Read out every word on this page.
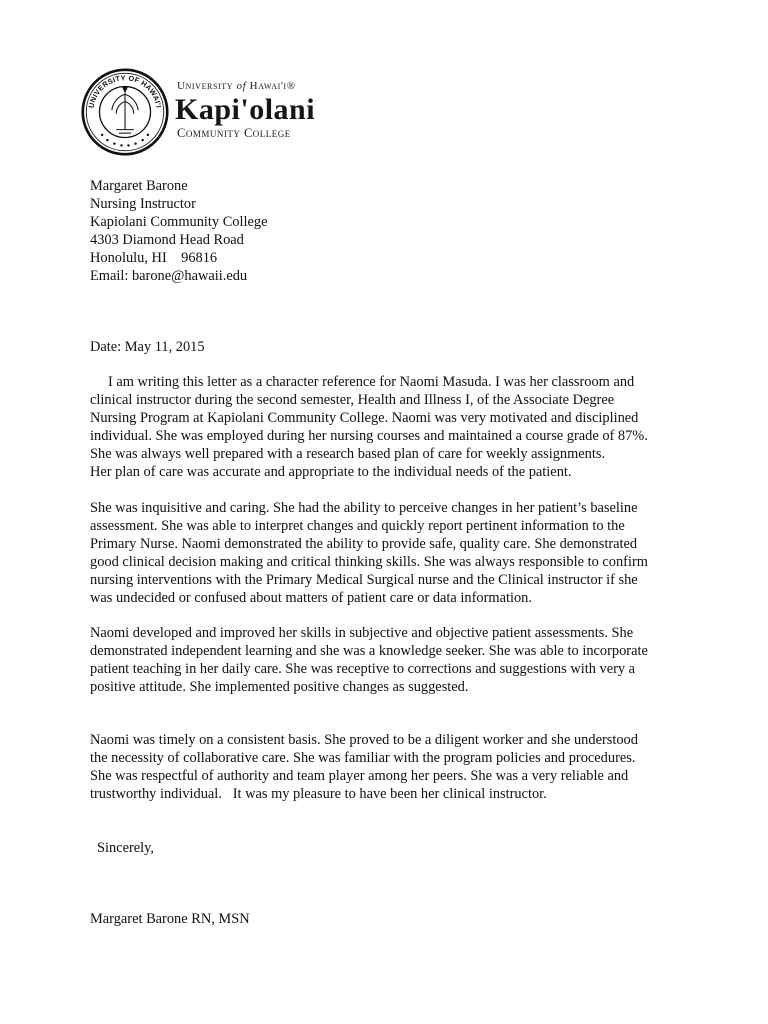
UNIVERSITY OF HAWAI'I
University of Hawai'i®
Kapi'olani
Community College
Margaret Barone
Nursing Instructor
Kapiolani Community College
4303 Diamond Head Road
Honolulu, HI    96816
Email: barone@hawaii.edu
Date: May 11, 2015
I am writing this letter as a character reference for Naomi Masuda. I was her classroom and
clinical instructor during the second semester, Health and Illness I, of the Associate Degree
Nursing Program at Kapiolani Community College. Naomi was very motivated and disciplined
individual. She was employed during her nursing courses and maintained a course grade of 87%.
She was always well prepared with a research based plan of care for weekly assignments.
Her plan of care was accurate and appropriate to the individual needs of the patient.
She was inquisitive and caring. She had the ability to perceive changes in her patient’s baseline
assessment. She was able to interpret changes and quickly report pertinent information to the
Primary Nurse. Naomi demonstrated the ability to provide safe, quality care. She demonstrated
good clinical decision making and critical thinking skills. She was always responsible to confirm
nursing interventions with the Primary Medical Surgical nurse and the Clinical instructor if she
was undecided or confused about matters of patient care or data information.
Naomi developed and improved her skills in subjective and objective patient assessments. She
demonstrated independent learning and she was a knowledge seeker. She was able to incorporate
patient teaching in her daily care. She was receptive to corrections and suggestions with very a
positive attitude. She implemented positive changes as suggested.
Naomi was timely on a consistent basis. She proved to be a diligent worker and she understood
the necessity of collaborative care. She was familiar with the program policies and procedures.
She was respectful of authority and team player among her peers. She was a very reliable and
trustworthy individual.   It was my pleasure to have been her clinical instructor.
Sincerely,
Margaret Barone RN, MSN
